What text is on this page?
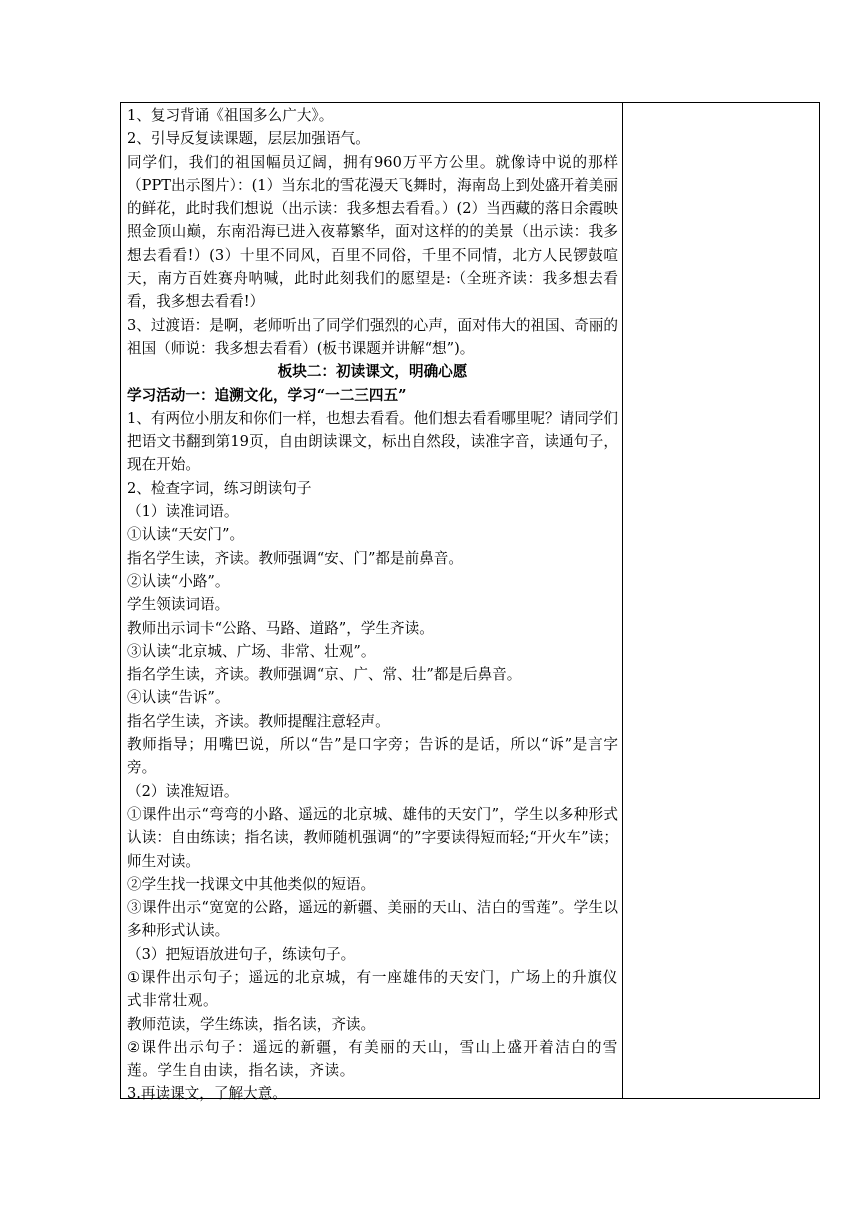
1、复习背诵《祖国多么广大》。

2、引导反复读课题，层层加强语气。

同学们，我们的祖国幅员辽阔，拥有960万平方公里。就像诗中说的那样（PPT出示图片）：(1）当东北的雪花漫天飞舞时，海南岛上到处盛开着美丽的鲜花，此时我们想说（出示读：我多想去看看。）(2）当西藏的落日余霞映照金顶山巅，东南沿海已进入夜幕繁华，面对这样的的美景（出示读：我多想去看看!）(3）十里不同风，百里不同俗，千里不同情，北方人民锣鼓喧天，南方百姓赛舟呐喊，此时此刻我们的愿望是:（全班齐读：我多想去看看，我多想去看看!）

3、过渡语：是啊，老师听出了同学们强烈的心声，面对伟大的祖国、奇丽的祖国（师说：我多想去看看）(板书课题并讲解“想”)。

板块二：初读课文，明确心愿

学习活动一：追溯文化，学习“一二三四五”

1、有两位小朋友和你们一样，也想去看看。他们想去看看哪里呢？请同学们把语文书翻到第19页，自由朗读课文，标出自然段，读准字音，读通句子，现在开始。

2、检查字词，练习朗读句子

（1）读准词语。

①认读“天安门”。

指名学生读，齐读。教师强调“安、门”都是前鼻音。

②认读“小路”。

学生领读词语。

教师出示词卡“公路、马路、道路”，学生齐读。

③认读“北京城、广场、非常、壮观”。

指名学生读，齐读。教师强调“京、广、常、壮”都是后鼻音。

④认读“告诉”。

指名学生读，齐读。教师提醒注意轻声。

教师指导；用嘴巴说，所以“告”是口字旁；告诉的是话，所以“诉”是言字旁。

（2）读准短语。

①课件出示“弯弯的小路、遥远的北京城、雄伟的天安门”，学生以多种形式认读：自由练读；指名读，教师随机强调“的”字要读得短而轻;“开火车”读；师生对读。

②学生找一找课文中其他类似的短语。

③课件出示“宽宽的公路，遥远的新疆、美丽的天山、洁白的雪莲”。学生以多种形式认读。

（3）把短语放进句子，练读句子。

①课件出示句子；遥远的北京城，有一座雄伟的天安门，广场上的升旗仪式非常壮观。

教师范读，学生练读，指名读，齐读。

②课件出示句子：遥远的新疆，有美丽的天山，雪山上盛开着洁白的雪莲。学生自由读，指名读，齐读。

3.再读课文，了解大意。
